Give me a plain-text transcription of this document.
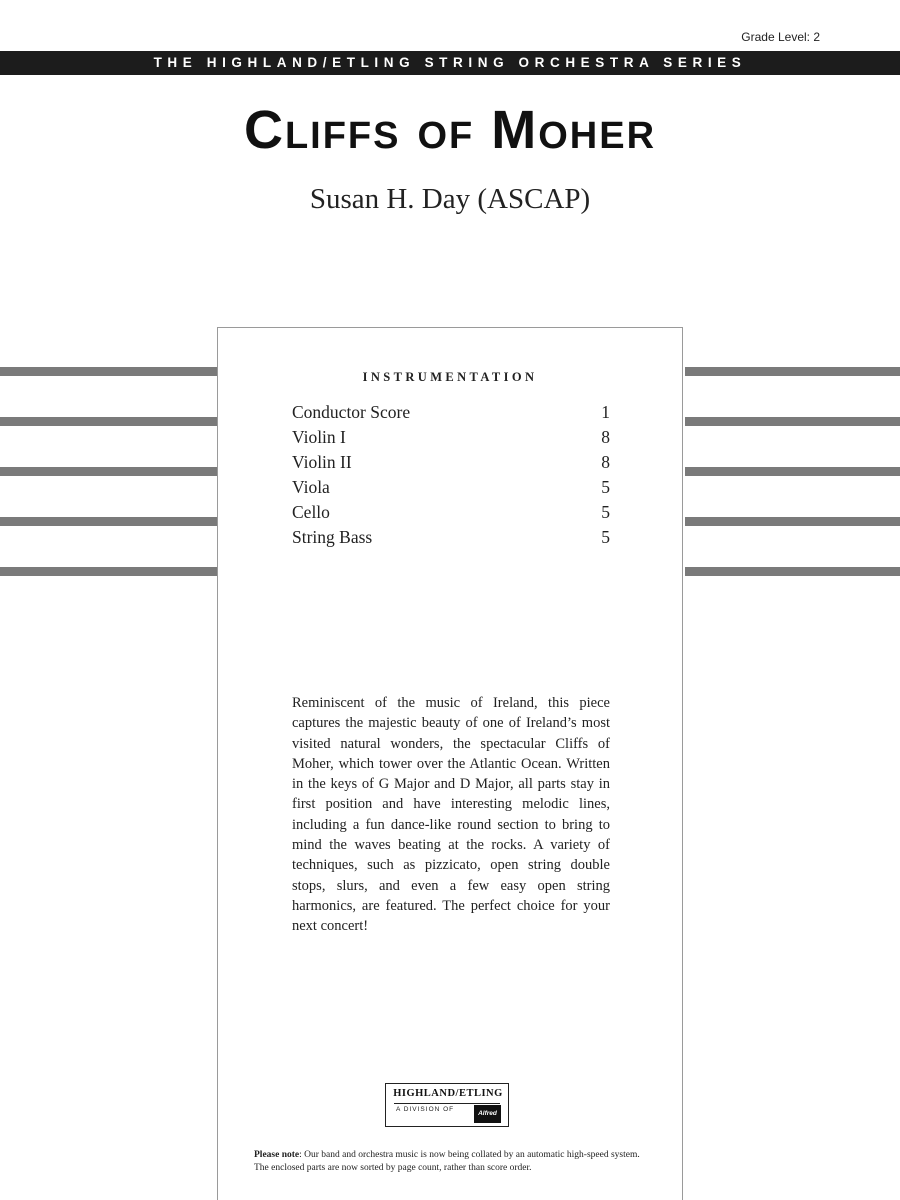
Grade Level: 2
THE HIGHLAND/ETLING STRING ORCHESTRA SERIES
Cliffs of Moher
Susan H. Day (ASCAP)
INSTRUMENTATION
Conductor Score	1
Violin I	8
Violin II	8
Viola	5
Cello	5
String Bass	5

Reminiscent of the music of Ireland, this piece captures the majestic beauty of one of Ireland’s most visited natural wonders, the spectacular Cliffs of Moher, which tower over the Atlantic Ocean. Written in the keys of G Major and D Major, all parts stay in first position and have interesting melodic lines, including a fun dance-like round section to bring to mind the waves beating at the rocks. A variety of techniques, such as pizzicato, open string double stops, slurs, and even a few easy open string harmonics, are featured. The perfect choice for your next concert!

HIGHLAND/ETLING
A DIVISION OF
Alfred

Please note: Our band and orchestra music is now being collated by an automatic high-speed system. The enclosed parts are now sorted by page count, rather than score order.
